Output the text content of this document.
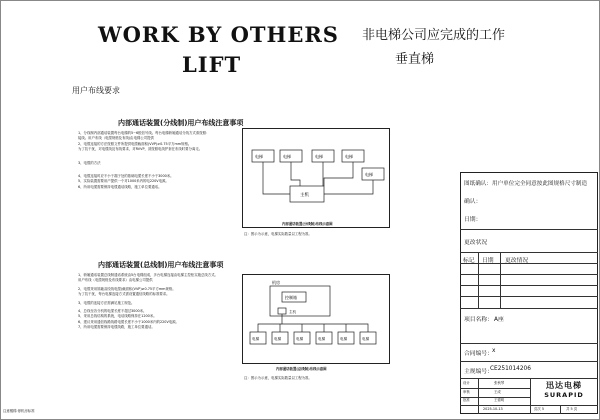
WORK BY OTHERS
LIFT
非电梯公司应完成的工作
垂直梯
用户布线要求
内部通话装置(分线制)用户布线注意事项
1、分线制内部通话装置每台电梯的5~6根信号线。每台电梯轿厢通话分线方式请按照：
接线。用户布线（电缆规格及布线)由电梯公司提供
2、电缆连接的方法按照文件所提供电缆截面积(VVP)≥0.75平方mm规格。
为了抗干扰，对电缆线及布线要求，对RVVP，须按照电线护套在布线时要分离走。
3、电缆的方法
4、电缆连接时应不小于端子处的基础电缆长度不小于3000米。
5、实际装置需要用户提供一个对1000米内的电220V电源。
6、所用电缆需要保持电缆通话线路，施工单位要通话。
电梯	电梯	电梯	电梯
电梯
主机
内部通话装置(分线制)布线示意图
注：图示为示意，电梯实际数量以工程为准。
内部通话装置(总线制)用户布线注意事项
1、轿厢通话装置总线制通话系统由5台电梯组成，多台电梯连接由电梯主控柜实施总线方式。
用户布线（电缆规格及布线要求）由电梯公司提供
2、电缆采用屏蔽双绞线电缆(截面积(VVP)≥0.75平方mm规格。
为了抗干扰，每台电梯连接方式需设置通信线路的标准要求。
3、电缆的连接方法需满足施工规范。
4、总线至各分机的电缆长度不超过3000米。
5、采用总线结构的系统，电话线路保持在1200米。
6、建议采用通信线路线路电缆长度不小于1000米内的220V电源。
7、所用电缆需要保持电缆线路，施工单位要通话。
机房
控制箱
主机
电梯	电梯	电梯	电梯	电梯	电梯
内部通话装置(总线制)布线示意图
注：图示为示意，电梯实际数量以工程为准。
注意楼梯 @机房标准
图纸确认：用户单位完全同意按此图规格尺寸制造
确认：
日期：
更改状况
标记 日期 更改情况
项目名称： A座
合同编号： x
主规编号：
CE251014206
设计	张秋琴
审核	王成
批准	王德明
迅达电梯
SURAPID
2025-10-13	页次 5	共 5 页
